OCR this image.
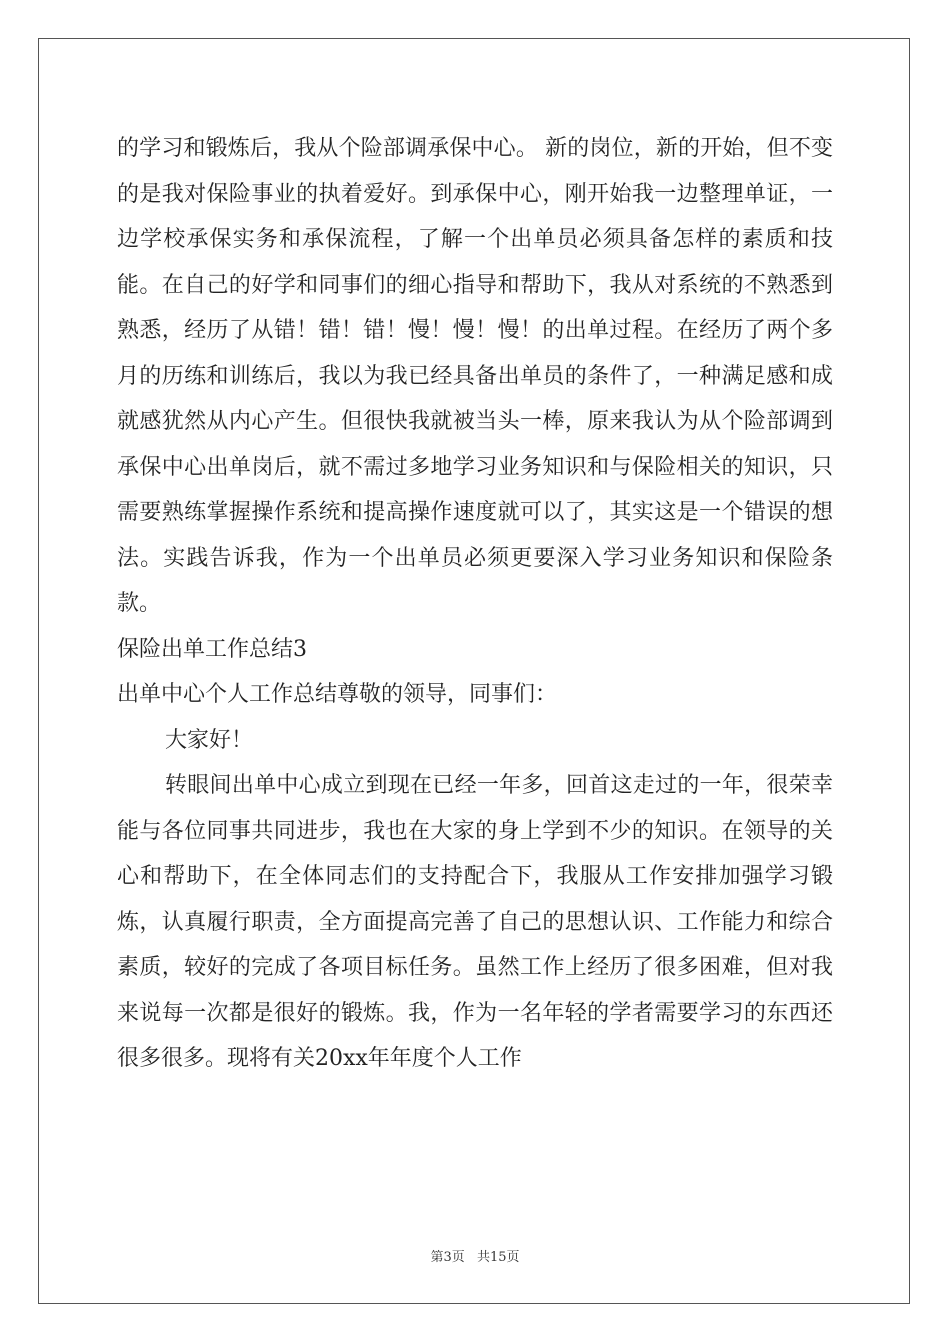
的学习和锻炼后，我从个险部调承保中心。 新的岗位，新的开始，但不变的是我对保险事业的执着爱好。到承保中心，刚开始我一边整理单证，一边学校承保实务和承保流程，了解一个出单员必须具备怎样的素质和技能。在自己的好学和同事们的细心指导和帮助下，我从对系统的不熟悉到熟悉，经历了从错！错！错！慢！慢！慢！的出单过程。在经历了两个多月的历练和训练后，我以为我已经具备出单员的条件了，一种满足感和成就感犹然从内心产生。但很快我就被当头一棒，原来我认为从个险部调到承保中心出单岗后，就不需过多地学习业务知识和与保险相关的知识，只需要熟练掌握操作系统和提高操作速度就可以了，其实这是一个错误的想法。实践告诉我，作为一个出单员必须更要深入学习业务知识和保险条款。

保险出单工作总结3

出单中心个人工作总结尊敬的领导，同事们：

大家好！

转眼间出单中心成立到现在已经一年多，回首这走过的一年，很荣幸能与各位同事共同进步，我也在大家的身上学到不少的知识。在领导的关心和帮助下，在全体同志们的支持配合下，我服从工作安排加强学习锻炼，认真履行职责，全方面提高完善了自己的思想认识、工作能力和综合素质，较好的完成了各项目标任务。虽然工作上经历了很多困难，但对我来说每一次都是很好的锻炼。我，作为一名年轻的学者需要学习的东西还很多很多。现将有关20xx年年度个人工作

第3页 共15页
